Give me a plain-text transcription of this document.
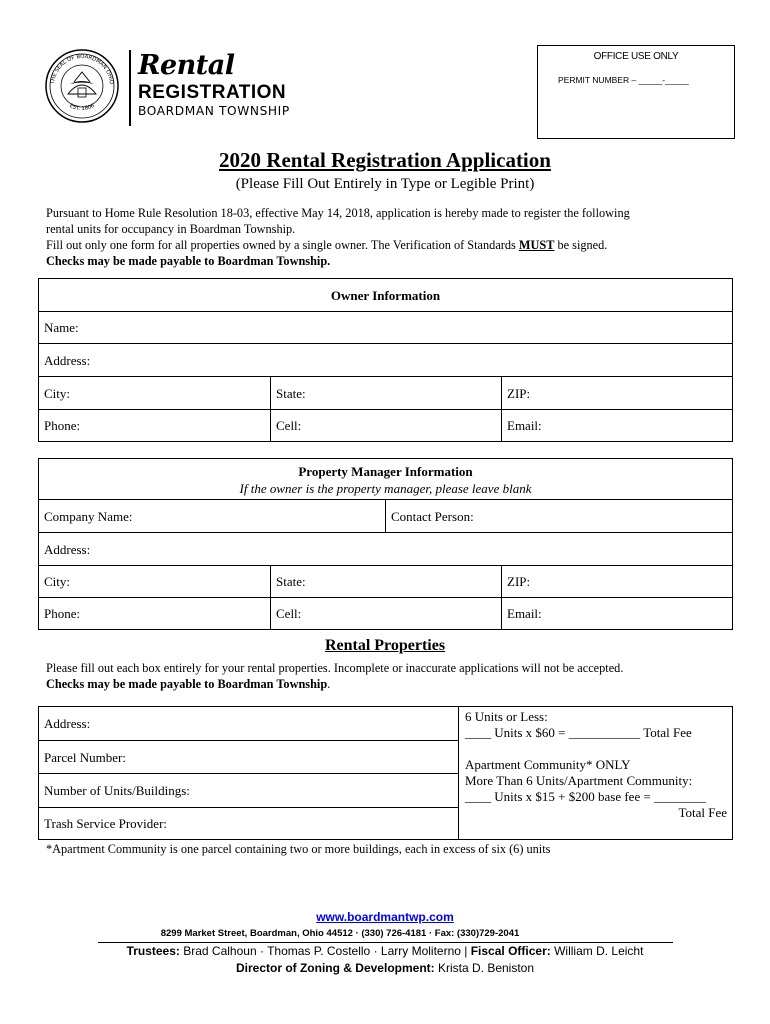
THE SEAL OF BOARDMAN OHIO
EST. 1806
Rental
REGISTRATION
BOARDMAN TOWNSHIP
OFFICE USE ONLY
PERMIT NUMBER – _____-_____
2020 Rental Registration Application
(Please Fill Out Entirely in Type or Legible Print)
Pursuant to Home Rule Resolution 18-03, effective May 14, 2018, application is hereby made to register the following
rental units for occupancy in Boardman Township.
Fill out only one form for all properties owned by a single owner. The Verification of Standards MUST be signed.
Checks may be made payable to Boardman Township.
Owner Information
Name:
Address:
City:	State:	ZIP:
Phone:	Cell:	Email:
Property Manager Information
If the owner is the property manager, please leave blank
Company Name:	Contact Person:
Address:
City:	State:	ZIP:
Phone:	Cell:	Email:
Rental Properties
Please fill out each box entirely for your rental properties. Incomplete or inaccurate applications will not be accepted.
Checks may be made payable to Boardman Township.
Address:
Parcel Number:
Number of Units/Buildings:
Trash Service Provider:
6 Units or Less:
____ Units x $60 = ___________ Total Fee
Apartment Community* ONLY
More Than 6 Units/Apartment Community:
____ Units x $15 + $200 base fee = ________
Total Fee
*Apartment Community is one parcel containing two or more buildings, each in excess of six (6) units
www.boardmantwp.com
8299 Market Street, Boardman, Ohio 44512 · (330) 726-4181 · Fax: (330)729-2041
Trustees: Brad Calhoun · Thomas P. Costello · Larry Moliterno | Fiscal Officer: William D. Leicht
Director of Zoning & Development: Krista D. Beniston
